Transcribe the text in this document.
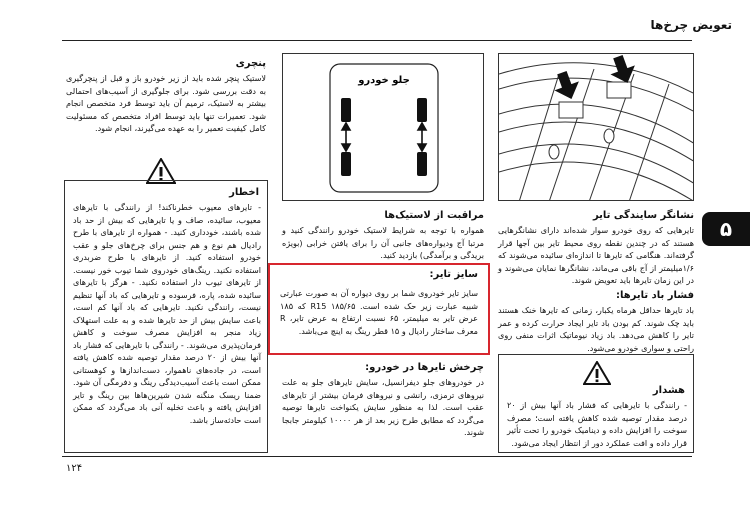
تعویض چرخ‌ها
۵
نشانگر سایندگی تایر
تایرهایی که روی خودرو سوار شده‌اند دارای نشانگرهایی هستند که در چندین نقطه روی محیط تایر بین آجها قرار گرفته‌اند. هنگامی که تایرها تا اندازه‌ای سائیده می‌شوند که ۱/۶میلیمتر از آج باقی می‌ماند، نشانگرها نمایان می‌شوند و در این زمان تایرها باید تعویض شوند.
فشار باد تایرها:
باد تایرها حداقل هرماه یکبار، زمانی که تایرها خنک هستند باید چک شوند. کم بودن باد تایر ایجاد حرارت کرده و عمر تایر را کاهش می‌دهد. باد زیاد نیوماتیک اثرات منفی روی راحتی و سواری خودرو می‌شود.
هشدار
- رانندگی با تایرهایی که فشار باد آنها بیش از ۲۰ درصد مقدار توصیه شده کاهش یافته است؛ مصرف سوخت را افزایش داده و دینامیک خودرو را تحت تأثیر قرار داده و افت عملکرد دور از انتظار ایجاد می‌شود.
جلو خودرو
مراقبت از لاستیک‌ها
همواره با توجه به شرایط لاستیک خودرو رانندگی کنید و مرتبا آج ودیواره‌های جانبی آن را برای یافتن خرابی (بویژه بریدگی و برآمدگی) بازدید کنید.
سایز تایر:
سایز تایر خودروی شما بر روی دیواره آن به صورت عبارتی شبیه عبارت زیر حک شده است. R15 ۱۸۵/۶۵ که ۱۸۵ عرض تایر به میلیمتر، ۶۵ نسبت ارتفاع به عرض تایر، R معرف ساختار رادیال و ۱۵ قطر رینگ به اینچ می‌باشد.
چرخش تایرها در خودرو:
در خودروهای جلو دیفرانسیل، سایش تایرهای جلو به علت نیروهای ترمزی، رانشی و نیروهای فرمان بیشتر از تایرهای عقب است. لذا به منظور سایش یکنواخت تایرها توصیه می‌گردد که مطابق طرح زیر بعد از هر ۱۰۰۰۰ کیلومتر جابجا شوند.
پنچری
لاستیک پنچر شده باید از زیر خودرو باز و قبل از پنچرگیری به دقت بررسی شود. برای جلوگیری از آسیب‌های احتمالی بیشتر به لاستیک، ترمیم آن باید توسط فرد متخصص انجام شود. تعمیرات تنها باید توسط افراد متخصص که مسئولیت کامل کیفیت تعمیر را به عهده می‌گیرند، انجام شود.
اخطار
- تایرهای معیوب خطرناکند! از رانندگی با تایرهای معیوب، سائیده، صاف و یا تایرهایی که بیش از حد باد شده باشند، خودداری کنید. - همواره از تایرهای با طرح رادیال هم نوع و هم جنس برای چرخ‌های جلو و عقب خودرو استفاده کنید. از تایرهای با طرح ضربدری استفاده نکنید. رینگ‌های خودروی شما تیوب خور نیست. از تایرهای تیوب دار استفاده نکنید. - هرگز با تایرهای سائیده شده، پاره، فرسوده و تایرهایی که باد آنها تنظیم نیست، رانندگی نکنید. تایرهایی که باد آنها کم است، باعث سایش بیش از حد تایرها شده و به علت استهلاک زیاد منجر به افزایش مصرف سوخت و کاهش فرمان‌پذیری می‌شوند. - رانندگی با تایرهایی که فشار باد آنها بیش از ۲۰ درصد مقدار توصیه شده کاهش یافته است، در جاده‌های ناهموار، دست‌اندازها و کوهستانی ممکن است باعث آسیب‌دیدگی رینگ و دفرمگی آن شود. ضمنا ریسک منگنه شدن شیرین‌هاها بین رینگ و تایر افزایش یافته و باعث تخلیه آنی باد می‌گردد که ممکن است حادثه‌ساز باشد.
۱۲۴
